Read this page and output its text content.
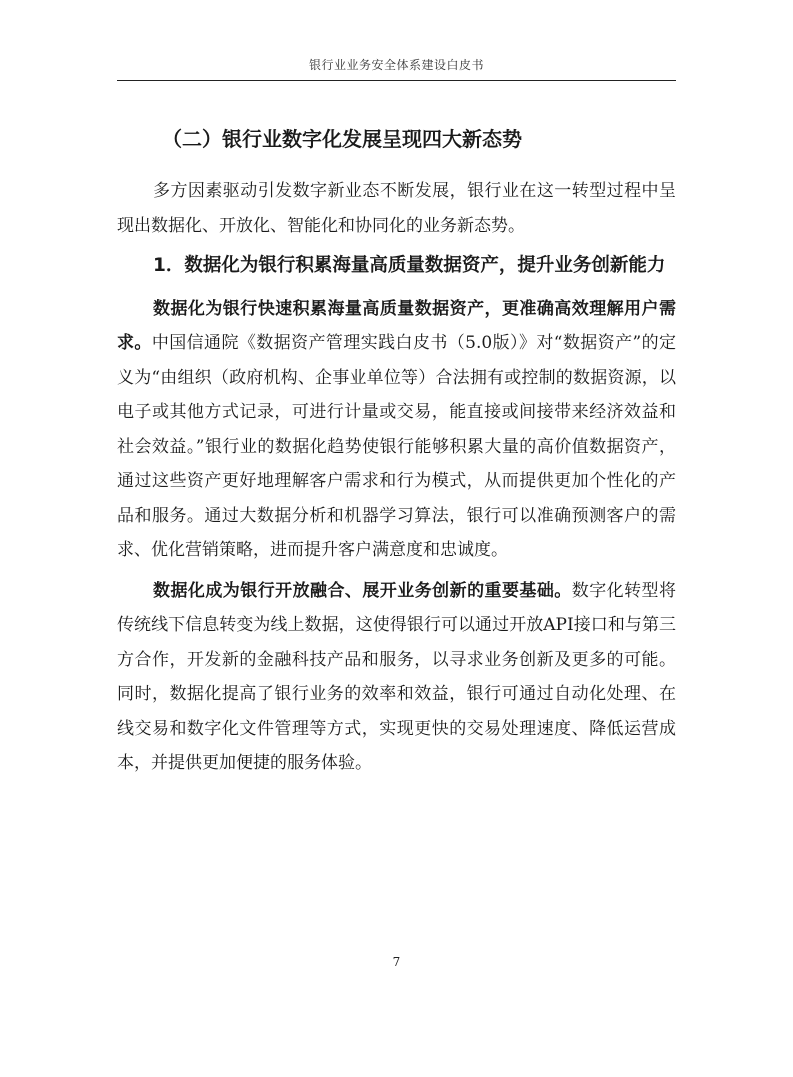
银行业业务安全体系建设白皮书
（二）银行业数字化发展呈现四大新态势

多方因素驱动引发数字新业态不断发展，银行业在这一转型过程中呈现出数据化、开放化、智能化和协同化的业务新态势。

1．数据化为银行积累海量高质量数据资产，提升业务创新能力

数据化为银行快速积累海量高质量数据资产，更准确高效理解用户需求。中国信通院《数据资产管理实践白皮书（5.0版）》对“数据资产”的定义为“由组织（政府机构、企事业单位等）合法拥有或控制的数据资源，以电子或其他方式记录，可进行计量或交易，能直接或间接带来经济效益和社会效益。”银行业的数据化趋势使银行能够积累大量的高价值数据资产，通过这些资产更好地理解客户需求和行为模式，从而提供更加个性化的产品和服务。通过大数据分析和机器学习算法，银行可以准确预测客户的需求、优化营销策略，进而提升客户满意度和忠诚度。

数据化成为银行开放融合、展开业务创新的重要基础。数字化转型将传统线下信息转变为线上数据，这使得银行可以通过开放API接口和与第三方合作，开发新的金融科技产品和服务，以寻求业务创新及更多的可能。同时，数据化提高了银行业务的效率和效益，银行可通过自动化处理、在线交易和数字化文件管理等方式，实现更快的交易处理速度、降低运营成本，并提供更加便捷的服务体验。

7
